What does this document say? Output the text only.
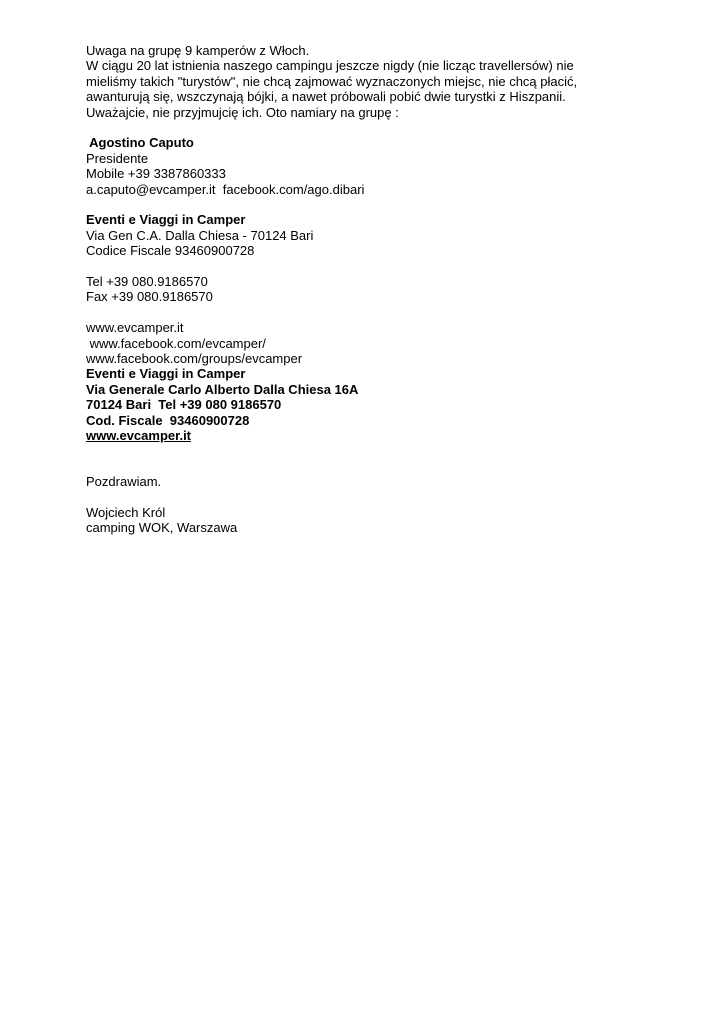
Uwaga na grupę 9 kamperów z Włoch.
W ciągu 20 lat istnienia naszego campingu jeszcze nigdy (nie licząc travellersów) nie
mieliśmy takich "turystów", nie chcą zajmować wyznaczonych miejsc, nie chcą płacić,
awanturują się, wszczynają bójki, a nawet próbowali pobić dwie turystki z Hiszpanii.
Uważajcie, nie przyjmujcię ich. Oto namiary na grupę :
Agostino Caputo
Presidente
Mobile +39 3387860333
a.caputo@evcamper.it  facebook.com/ago.dibari
Eventi e Viaggi in Camper
Via Gen C.A. Dalla Chiesa - 70124 Bari
Codice Fiscale 93460900728
Tel +39 080.9186570
Fax +39 080.9186570
www.evcamper.it
www.facebook.com/evcamper/
www.facebook.com/groups/evcamper
Eventi e Viaggi in Camper
Via Generale Carlo Alberto Dalla Chiesa 16A
70124 Bari  Tel +39 080 9186570
Cod. Fiscale  93460900728
www.evcamper.it
Pozdrawiam.
Wojciech Król
camping WOK, Warszawa
